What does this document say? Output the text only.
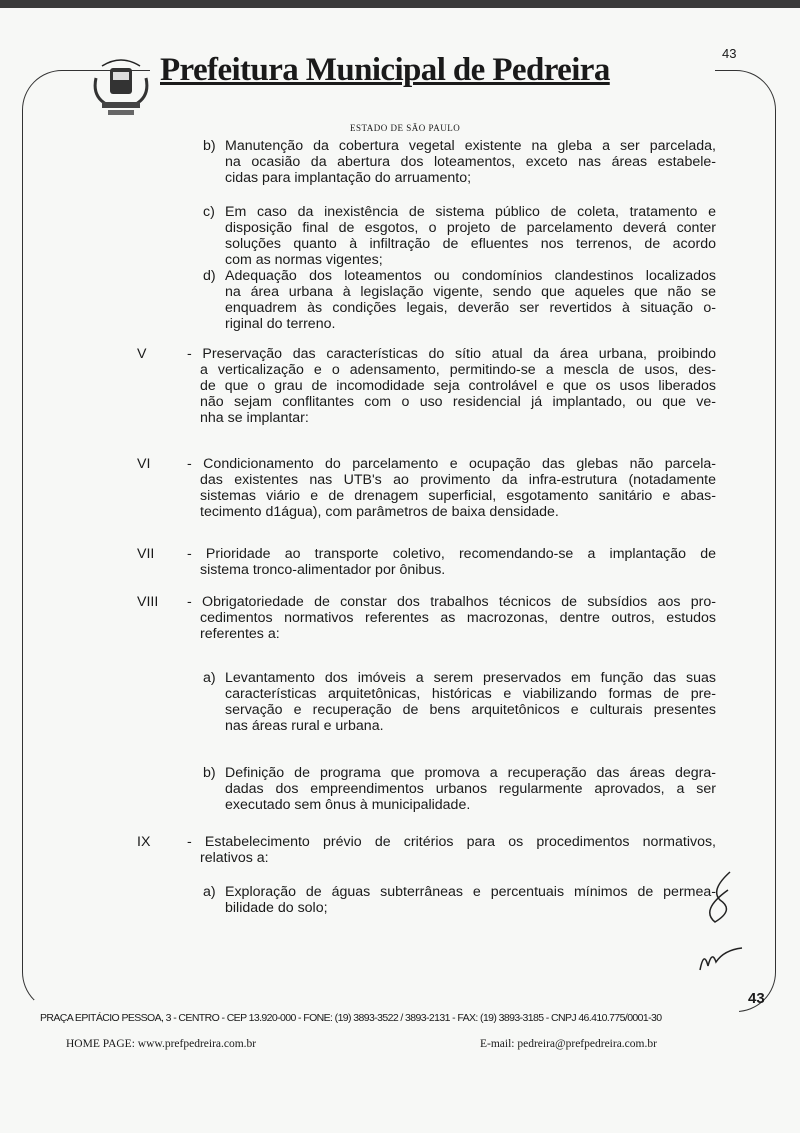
Prefeitura Municipal de Pedreira	43
ESTADO DE SÃO PAULO
b) Manutenção da cobertura vegetal existente na gleba a ser parcelada,
na ocasião da abertura dos loteamentos, exceto nas áreas estabele-
cidas para implantação do arruamento;
c) Em caso da inexistência de sistema público de coleta, tratamento e
disposição final de esgotos, o projeto de parcelamento deverá conter
soluções quanto à infiltração de efluentes nos terrenos, de acordo
com as normas vigentes;
d) Adequação dos loteamentos ou condomínios clandestinos localizados
na área urbana à legislação vigente, sendo que aqueles que não se
enquadrem às condições legais, deverão ser revertidos à situação o-
riginal do terreno.
V	- Preservação das características do sítio atual da área urbana, proibindo
a verticalização e o adensamento, permitindo-se a mescla de usos, des-
de que o grau de incomodidade seja controlável e que os usos liberados
não sejam conflitantes com o uso residencial já implantado, ou que ve-
nha se implantar:
VI	- Condicionamento do parcelamento e ocupação das glebas não parcela-
das existentes nas UTB's ao provimento da infra-estrutura (notadamente
sistemas viário e de drenagem superficial, esgotamento sanitário e abas-
tecimento d1água), com parâmetros de baixa densidade.
VII - Prioridade ao transporte coletivo, recomendando-se a implantação de
sistema tronco-alimentador por ônibus.
VIII - Obrigatoriedade de constar dos trabalhos técnicos de subsídios aos pro-
cedimentos normativos referentes as macrozonas, dentre outros, estudos
referentes a:
a) Levantamento dos imóveis a serem preservados em função das suas
características arquitetônicas, históricas e viabilizando formas de pre-
servação e recuperação de bens arquitetônicos e culturais presentes
nas áreas rural e urbana.
b) Definição de programa que promova a recuperação das áreas degra-
dadas dos empreendimentos urbanos regularmente aprovados, a ser
executado sem ônus à municipalidade.
IX	- Estabelecimento prévio de critérios para os procedimentos normativos,
relativos a:
a) Exploração de águas subterrâneas e percentuais mínimos de permea-
bilidade do solo;
PRAÇA EPITÁCIO PESSOA, 3 - CENTRO - CEP 13.920-000 - FONE: (19) 3893-3522 / 3893-2131 - FAX: (19) 3893-3185 - CNPJ 46.410.775/0001-30
43
HOME PAGE: www.prefpedreira.com.br	E-mail: pedreira@prefpedreira.com.br
